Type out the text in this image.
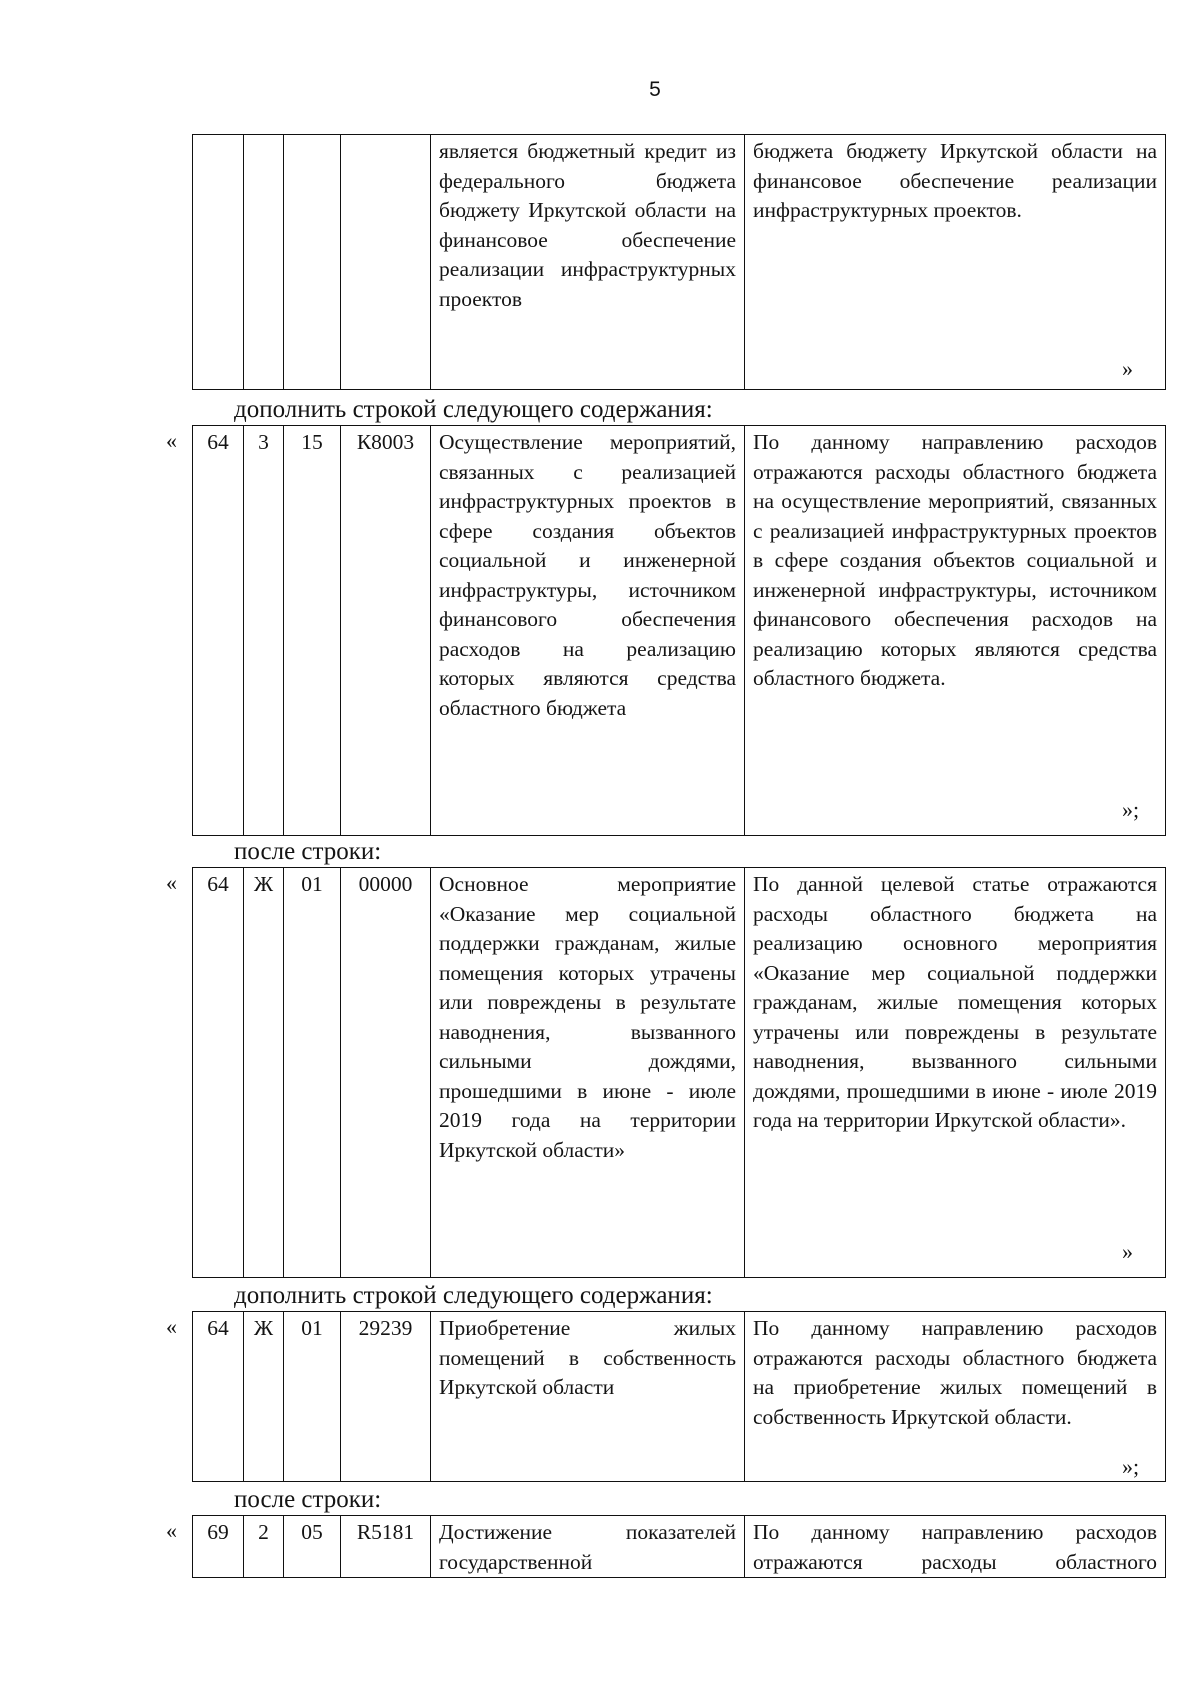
5
				является бюджетный кредит из федерального бюджета бюджету Иркутской области на финансовое обеспечение реализации инфраструктурных проектов	бюджета бюджету Иркутской области на финансовое обеспечение реализации инфраструктурных проектов.
»
дополнить строкой следующего содержания:
« 64	3	15	К8003	Осуществление мероприятий, связанных с реализацией инфраструктурных проектов в сфере создания объектов социальной и инженерной инфраструктуры, источником финансового обеспечения расходов на реализацию которых являются средства областного бюджета	По данному направлению расходов отражаются расходы областного бюджета на осуществление мероприятий, связанных с реализацией инфраструктурных проектов в сфере создания объектов социальной и инженерной инфраструктуры, источником финансового обеспечения расходов на реализацию которых являются средства областного бюджета.
»;
после строки:
« 64	Ж	01	00000	Основное мероприятие «Оказание мер социальной поддержки гражданам, жилые помещения которых утрачены или повреждены в результате наводнения, вызванного сильными дождями, прошедшими в июне - июле 2019 года на территории Иркутской области»	По данной целевой статье отражаются расходы областного бюджета на реализацию основного мероприятия «Оказание мер социальной поддержки гражданам, жилые помещения которых утрачены или повреждены в результате наводнения, вызванного сильными дождями, прошедшими в июне - июле 2019 года на территории Иркутской области».
»
дополнить строкой следующего содержания:
« 64	Ж	01	29239	Приобретение жилых помещений в собственность Иркутской области	По данному направлению расходов отражаются расходы областного бюджета на приобретение жилых помещений в собственность Иркутской области.
»;
после строки:
« 69	2	05	R5181	Достижение показателей государственной	По данному направлению расходов отражаются расходы областного
